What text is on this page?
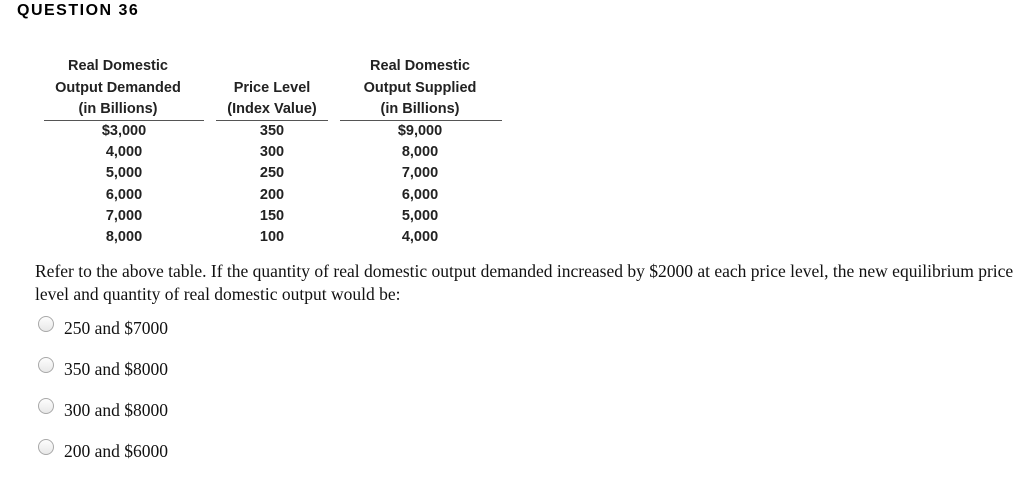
QUESTION 36
Real Domestic
Output Demanded
(in Billions)
Price Level
(Index Value)
Real Domestic
Output Supplied
(in Billions)
$3,000
4,000
5,000
6,000
7,000
8,000
350
300
250
200
150
100
$9,000
8,000
7,000
6,000
5,000
4,000
Refer to the above table. If the quantity of real domestic output demanded increased by $2000 at each price level, the new equilibrium price level and quantity of real domestic output would be:
250 and $7000
350 and $8000
300 and $8000
200 and $6000
